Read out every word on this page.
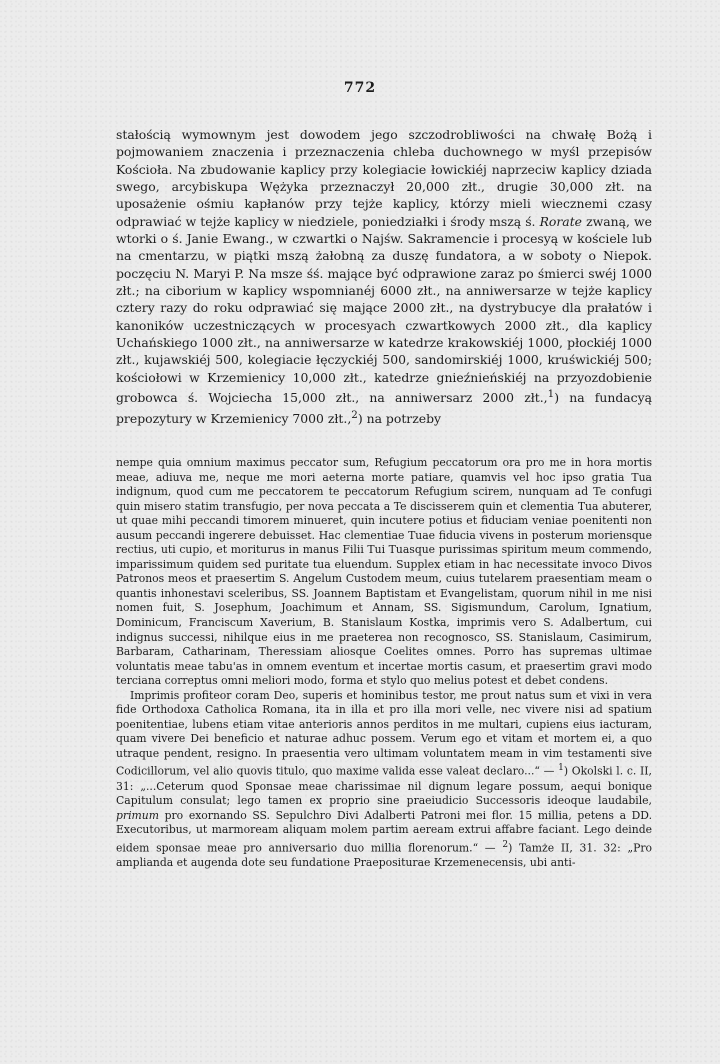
772
stałością wymownym jest dowodem jego szczodrobliwości na chwałę Bożą i pojmowaniem znaczenia i przeznaczenia chleba duchownego w myśl przepisów Kościoła. Na zbudowanie kaplicy przy kolegiacie łowickiéj naprzeciw kaplicy dziada swego, arcybiskupa Wężyka przeznaczył 20,000 złt., drugie 30,000 złt. na uposażenie ośmiu kapłanów przy tejże kaplicy, którzy mieli wiecznemi czasy odprawiać w tejże kaplicy w niedziele, poniedziałki i środy mszą ś. Rorate zwaną, we wtorki o ś. Janie Ewang., w czwartki o Najśw. Sakramencie i procesyą w kościele lub na cmentarzu, w piątki mszą żałobną za duszę fundatora, a w soboty o Niepok. poczęciu N. Maryi P. Na msze śś. mające być odprawione zaraz po śmierci swéj 1000 złt.; na ciborium w kaplicy wspomnianéj 6000 złt., na anniwersarze w tejże kaplicy cztery razy do roku odprawiać się mające 2000 złt., na dystrybucye dla prałatów i kanoników uczestniczących w procesyach czwartkowych 2000 złt., dla kaplicy Uchańskiego 1000 złt., na anniwersarze w katedrze krakowskiéj 1000, płockiéj 1000 złt., kujawskiéj 500, kolegiacie łęczyckiéj 500, sandomirskiéj 1000, kruświckiéj 500; kościołowi w Krzemienicy 10,000 złt., katedrze gnieźnieńskiéj na przyozdobienie grobowca ś. Wojciecha 15,000 złt., na anniwersarz 2000 złt.,$^1$) na fundacyą prepozytury w Krzemienicy 7000 złt.,$^2$) na potrzeby

nempe quia omnium maximus peccator sum, Refugium peccatorum ora pro me in hora mortis meae, adiuva me, neque me mori aeterna morte patiare, quamvis vel hoc ipso gratia Tua indignum, quod cum me peccatorem te peccatorum Refugium scirem, nunquam ad Te confugi quin misero statim transfugio, per nova peccata a Te discisserem quin et clementia Tua abuterer, ut quae mihi peccandi timorem minueret, quin incutere potius et fiduciam veniae poenitenti non ausum peccandi ingerere debuisset. Hac clementiae Tuae fiducia vivens in posterum moriensque rectius, uti cupio, et moriturus in manus Filii Tui Tuasque purissimas spiritum meum commendo, imparissimum quidem sed puritate tua eluendum. Supplex etiam in hac necessitate invoco Divos Patronos meos et praesertim S. Angelum Custodem meum, cuius tutelarem praesentiam meam o quantis inhonestavi sceleribus, SS. Joannem Baptistam et Evangelistam, quorum nihil in me nisi nomen fuit, S. Josephum, Joachimum et Annam, SS. Sigismundum, Carolum, Ignatium, Dominicum, Franciscum Xaverium, B. Stanislaum Kostka, imprimis vero S. Adalbertum, cui indignus successi, nihilque eius in me praeterea non recognosco, SS. Stanislaum, Casimirum, Barbaram, Catharinam, Theressiam aliosque Coelites omnes. Porro has supremas ultimae voluntatis meae tabu'as in omnem eventum et incertae mortis casum, et praesertim gravi modo terciana correptus omni meliori modo, forma et stylo quo melius potest et debet condens.

Imprimis profiteor coram Deo, superis et hominibus testor, me prout natus sum et vixi in vera fide Orthodoxa Catholica Romana, ita in illa et pro illa mori velle, nec vivere nisi ad spatium poenitentiae, lubens etiam vitae anterioris annos perditos in me multari, cupiens eius iacturam, quam vivere Dei beneficio et naturae adhuc possem. Verum ego et vitam et mortem ei, a quo utraque pendent, resigno. In praesentia vero ultimam voluntatem meam in vim testamenti sive Codicillorum, vel alio quovis titulo, quo maxime valida esse valeat declaro...“ — $^1$) Okolski l. c. II, 31: „...Ceterum quod Sponsae meae charissimae nil dignum legare possum, aequi bonique Capitulum consulat; lego tamen ex proprio sine praeiudicio Successoris ideoque laudabile, primum pro exornando SS. Sepulchro Divi Adalberti Patroni mei flor. 15 millia, petens a DD. Executoribus, ut marmoream aliquam molem partim aeream extrui affabre faciant. Lego deinde eidem sponsae meae pro anniversario duo millia florenorum.“ — $^2$) Tamże II, 31. 32: „Pro amplianda et augenda dote seu fundatione Praepositurae Krzemenecensis, ubi anti-
